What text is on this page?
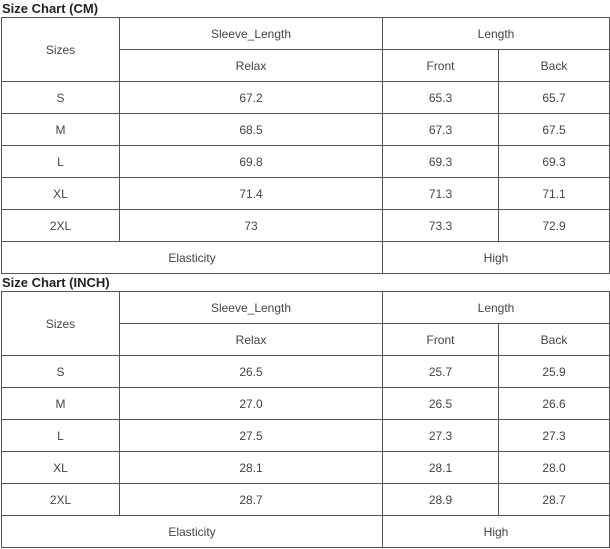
Size Chart (CM)
Sizes	Sleeve_Length	Length	
	Relax	Front	Back
S	67.2	65.3	65.7
M	68.5	67.3	67.5
L	69.8	69.3	69.3
XL	71.4	71.3	71.1
2XL	73	73.3	72.9
Elasticity		High	
Size Chart (INCH)
Sizes	Sleeve_Length	Length	
	Relax	Front	Back
S	26.5	25.7	25.9
M	27.0	26.5	26.6
L	27.5	27.3	27.3
XL	28.1	28.1	28.0
2XL	28.7	28.9	28.7
Elasticity		High	
